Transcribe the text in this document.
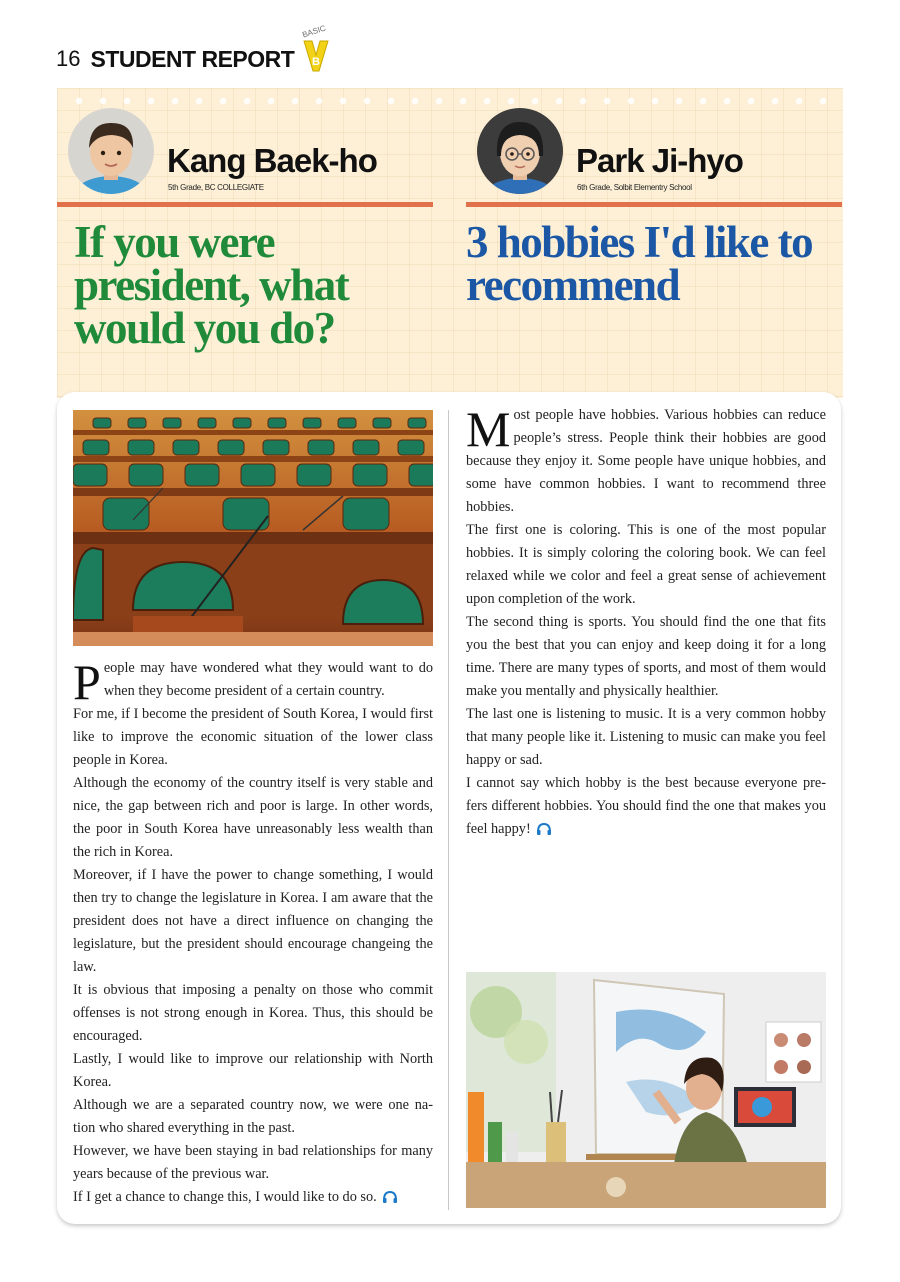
16 STUDENT REPORT
BASIC
B
Kang Baek-ho
5th Grade, BC COLLEGIATE
Park Ji-hyo
6th Grade, Solbit Elementry School
If you were president, what would you do?
3 hobbies I'd like to recommend

People may have wondered what they would want to do when they become president of a certain country.

For me, if I become the president of South Korea, I would first like to improve the economic situation of the lower class people in Korea.

Although the economy of the country itself is very stable and nice, the gap between rich and poor is large. In other words, the poor in South Korea have unreasonably less wealth than the rich in Korea.

Moreover, if I have the power to change something, I would then try to change the legislature in Korea. I am aware that the president does not have a direct influence on changing the legislature, but the president should encourage changeing the law.

It is obvious that imposing a penalty on those who commit offenses is not strong enough in Korea. Thus, this should be encouraged.

Lastly, I would like to improve our relationship with North Korea.

Although we are a separated country now, we were one na-tion who shared everything in the past.

However, we have been staying in bad relationships for many years because of the previous war.

If I get a chance to change this, I would like to do so.

Most people have hobbies. Various hobbies can reduce people’s stress. People think their hobbies are good because they enjoy it. Some people have unique hobbies, and some have common hobbies. I want to recommend three hobbies.

The first one is coloring. This is one of the most popular hobbies. It is simply coloring the coloring book. We can feel relaxed while we color and feel a great sense of achievement upon completion of the work.

The second thing is sports. You should find the one that fits you the best that you can enjoy and keep doing it for a long time. There are many types of sports, and most of them would make you mentally and physically healthier.

The last one is listening to music. It is a very common hobby that many people like it. Listening to music can make you feel happy or sad.

I cannot say which hobby is the best because everyone pre-fers different hobbies. You should find the one that makes you feel happy!
